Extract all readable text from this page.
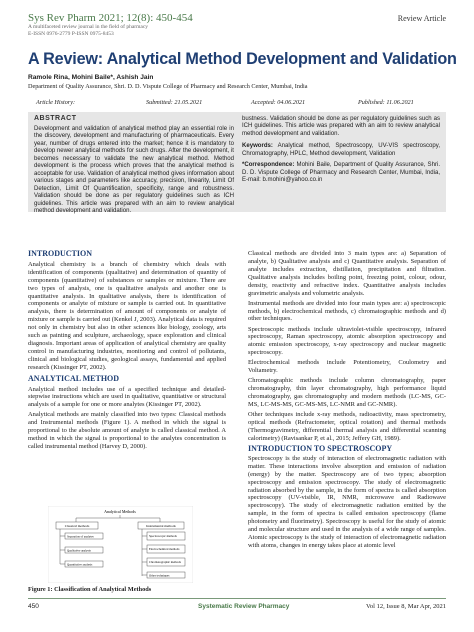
Sys Rev Pharm 2021; 12(8): 450-454
A multifaceted review journal in the field of pharmacy
E-ISSN 0976-2779 P-ISSN 0975-8453
Review Article
A Review: Analytical Method Development and Validation
Ramole Rina, Mohini Baile*, Ashish Jain
Department of Quality Assurance, Shri. D. D. Vispute College of Pharmacy and Research Center, Mumbai, India
Article History:	Submitted: 21.05.2021	Accepted: 04.06.2021	Published: 11.06.2021
ABSTRACT
Development and validation of analytical method play an essential role in the discovery, development and manufacturing of pharmaceuticals. Every year, number of drugs entered into the market; hence it is mandatory to develop newer analytical methods for such drugs. After the development, it becomes necessary to validate the new analytical method. Method development is the process which proves that the analytical method is acceptable for use. Validation of analytical method gives information about various stages and parameters like accuracy, precision, linearity, Limit Of Detection, Limit Of Quantification, specificity, range and robustness. Validation should be done as per regulatory guidelines such as ICH guidelines. This article was prepared with an aim to review analytical method development and validation.
bustness. Validation should be done as per regulatory guidelines such as ICH guidelines. This article was prepared with an aim to review analytical method development and validation.
Keywords: Analytical method, Spectroscopy, UV-VIS spectroscopy, Chromatography, HPLC, Method development, Validation
*Correspondence: Mohini Baile, Department of Quality Assurance, Shri. D. D. Vispute College of Pharmacy and Research Center, Mumbai, India, E-mail: b.mohini@yahoo.co.in
INTRODUCTION

Analytical chemistry is a branch of chemistry which deals with identification of components (qualitative) and determination of quantity of components (quantitative) of substances or samples or mixture. There are two types of analysis, one is qualitative analysis and another one is quantitative analysis. In qualitative analysis, there is identification of components or analyte of mixture or sample is carried out. In quantitative analysis, there is determination of amount of components or analyte of mixture or sample is carried out (Kenkel J, 2003). Analytical data is required not only in chemistry but also in other sciences like biology, zoology, arts such as painting and sculpture, archaeology, space exploration and clinical diagnosis. Important areas of application of analytical chemistry are quality control in manufacturing industries, monitoring and control of pollutants, clinical and biological studies, geological assays, fundamental and applied research (Kissinger PT, 2002).

ANALYTICAL METHOD

Analytical method includes use of a specified technique and detailed-stepwise instructions which are used in qualitative, quantitative or structural analysis of a sample for one or more analytes (Kissinger PT, 2002).

Analytical methods are mainly classified into two types: Classical methods and Instrumental methods (Figure 1). A method in which the signal is proportional to the absolute amount of analyte is called classical method. A method in which the signal is proportional to the analytes concentration is called instrumental method (Harvey D, 2000).

Analytical Methods
Classical methods	Instrumental methods
Separation of analytes
Qualitative analysis
Quantitative analysis
Spectroscopic methods
Electrochemical methods
Chromatographic methods
Other techniques
Figure 1: Classification of Analytical Methods

Classical methods are divided into 3 main types are: a) Separation of analyte, b) Qualitative analysis and c) Quantitative analysis. Separation of analyte includes extraction, distillation, precipitation and filtration. Qualitative analysis includes boiling point, freezing point, colour, odour, density, reactivity and refractive index. Quantitative analysis includes gravimetric analysis and volumetric analysis.

Instrumental methods are divided into four main types are: a) spectroscopic methods, b) electrochemical methods, c) chromatographic methods and d) other techniques.

Spectroscopic methods include ultraviolet-visible spectroscopy, infrared spectroscopy, Raman spectroscopy, atomic absorption spectroscopy and atomic emission spectroscopy, x-ray spectroscopy and nuclear magnetic spectroscopy.

Electrochemical methods include Potentiometry, Coulometry and Voltametry.

Chromatographic methods include column chromatography, paper chromatography, thin layer chromatography, high performance liquid chromatography, gas chromatography and modern methods (LC-MS, GC-MS, LC-MS-MS, GC-MS-MS, LC-NMR and GC-NMR).

Other techniques include x-ray methods, radioactivity, mass spectrometry, optical methods (Refractometer, optical rotation) and thermal methods (Thermogravimetry, differential thermal analysis and differential scanning calorimetry) (Ravisankar P, et al., 2015; Jeffery GH, 1989).

INTRODUCTION TO SPECTROSCOPY

Spectroscopy is the study of interaction of electromagnetic radiation with matter. These interactions involve absorption and emission of radiation (energy) by the matter. Spectroscopy are of two types; absorption spectroscopy and emission spectroscopy. The study of electromagnetic radiation absorbed by the sample, in the form of spectra is called absorption spectroscopy (UV-visible, IR, NMR, microwave and Radiowave spectroscopy). The study of electromagnetic radiation emitted by the sample, in the form of spectra is called emission spectroscopy (flame photometry and fluorimetry). Spectroscopy is useful for the study of atomic and molecular structure and used in the analysis of a wide range of samples. Atomic spectroscopy is the study of interaction of electromagnetic radiation with atoms, changes in energy takes place at atomic level

450	Systematic Review Pharmacy	Vol 12, Issue 8, Mar Apr, 2021
